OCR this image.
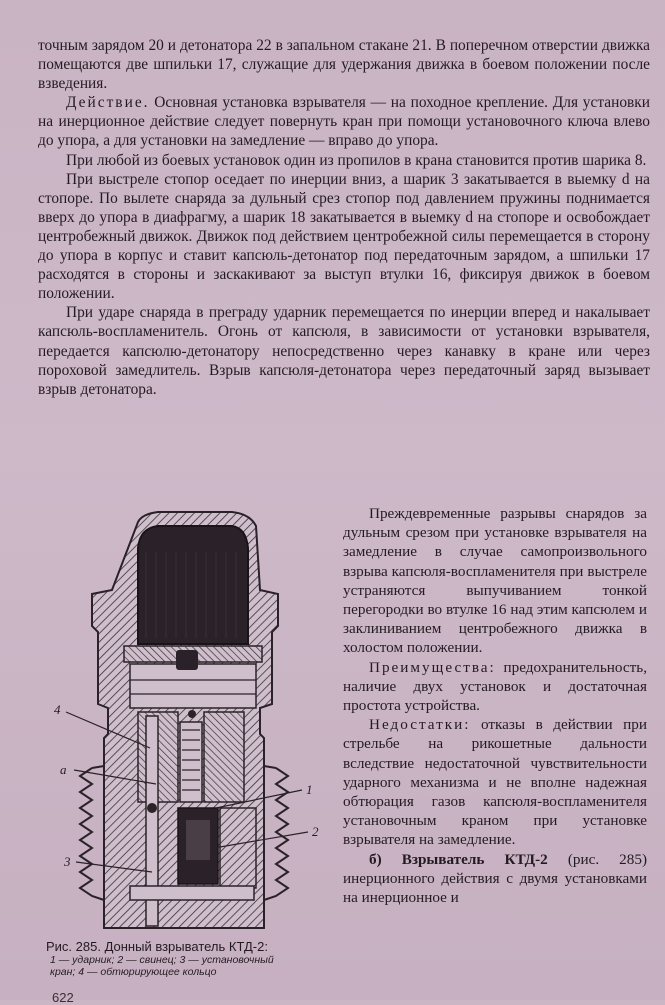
точным зарядом 20 и детонатора 22 в запальном стакане 21. В поперечном отверстии движка помещаются две шпильки 17, служащие для удержания движка в боевом положении после взведения.

Действие. Основная установка взрывателя — на походное крепление. Для установки на инерционное действие следует повернуть кран при помощи установочного ключа влево до упора, а для установки на замедление — вправо до упора.

При любой из боевых установок один из пропилов в крана становится против шарика 8.

При выстреле стопор оседает по инерции вниз, а шарик 3 закатывается в выемку d на стопоре. По вылете снаряда за дульный срез стопор под давлением пружины поднимается вверх до упора в диафрагму, а шарик 18 закатывается в выемку d на стопоре и освобождает центробежный движок. Движок под действием центробежной силы перемещается в сторону до упора в корпус и ставит капсюль-детонатор под передаточным зарядом, а шпильки 17 расходятся в стороны и заскакивают за выступ втулки 16, фиксируя движок в боевом положении.

При ударе снаряда в преграду ударник перемещается по инерции вперед и накалывает капсюль-воспламенитель. Огонь от капсюля, в зависимости от установки взрывателя, передается капсюлю-детонатору непосредственно через канавку в кране или через пороховой замедлитель. Взрыв капсюля-детонатора через передаточный заряд вызывает взрыв детонатора.

4
a
1
2
3

Преждевременные разрывы снарядов за дульным срезом при установке взрывателя на замедление в случае самопроизвольного взрыва капсюля-воспламенителя при выстреле устраняются выпучиванием тонкой перегородки во втулке 16 над этим капсюлем и заклиниванием центробежного движка в холостом положении.

Преимущества: предохранительность, наличие двух установок и достаточная простота устройства.

Недостатки: отказы в действии при стрельбе на рикошетные дальности вследствие недостаточной чувствительности ударного механизма и не вполне надежная обтюрация газов капсюля-воспламенителя установочным краном при установке взрывателя на замедление.

б) Взрыватель КТД-2 (рис. 285) инерционного действия с двумя установками на инерционное и

Рис. 285. Донный взрыватель КТД-2:
1 — ударник; 2 — свинец; 3 — установочный
кран; 4 — обтюрирующее кольцо
622
